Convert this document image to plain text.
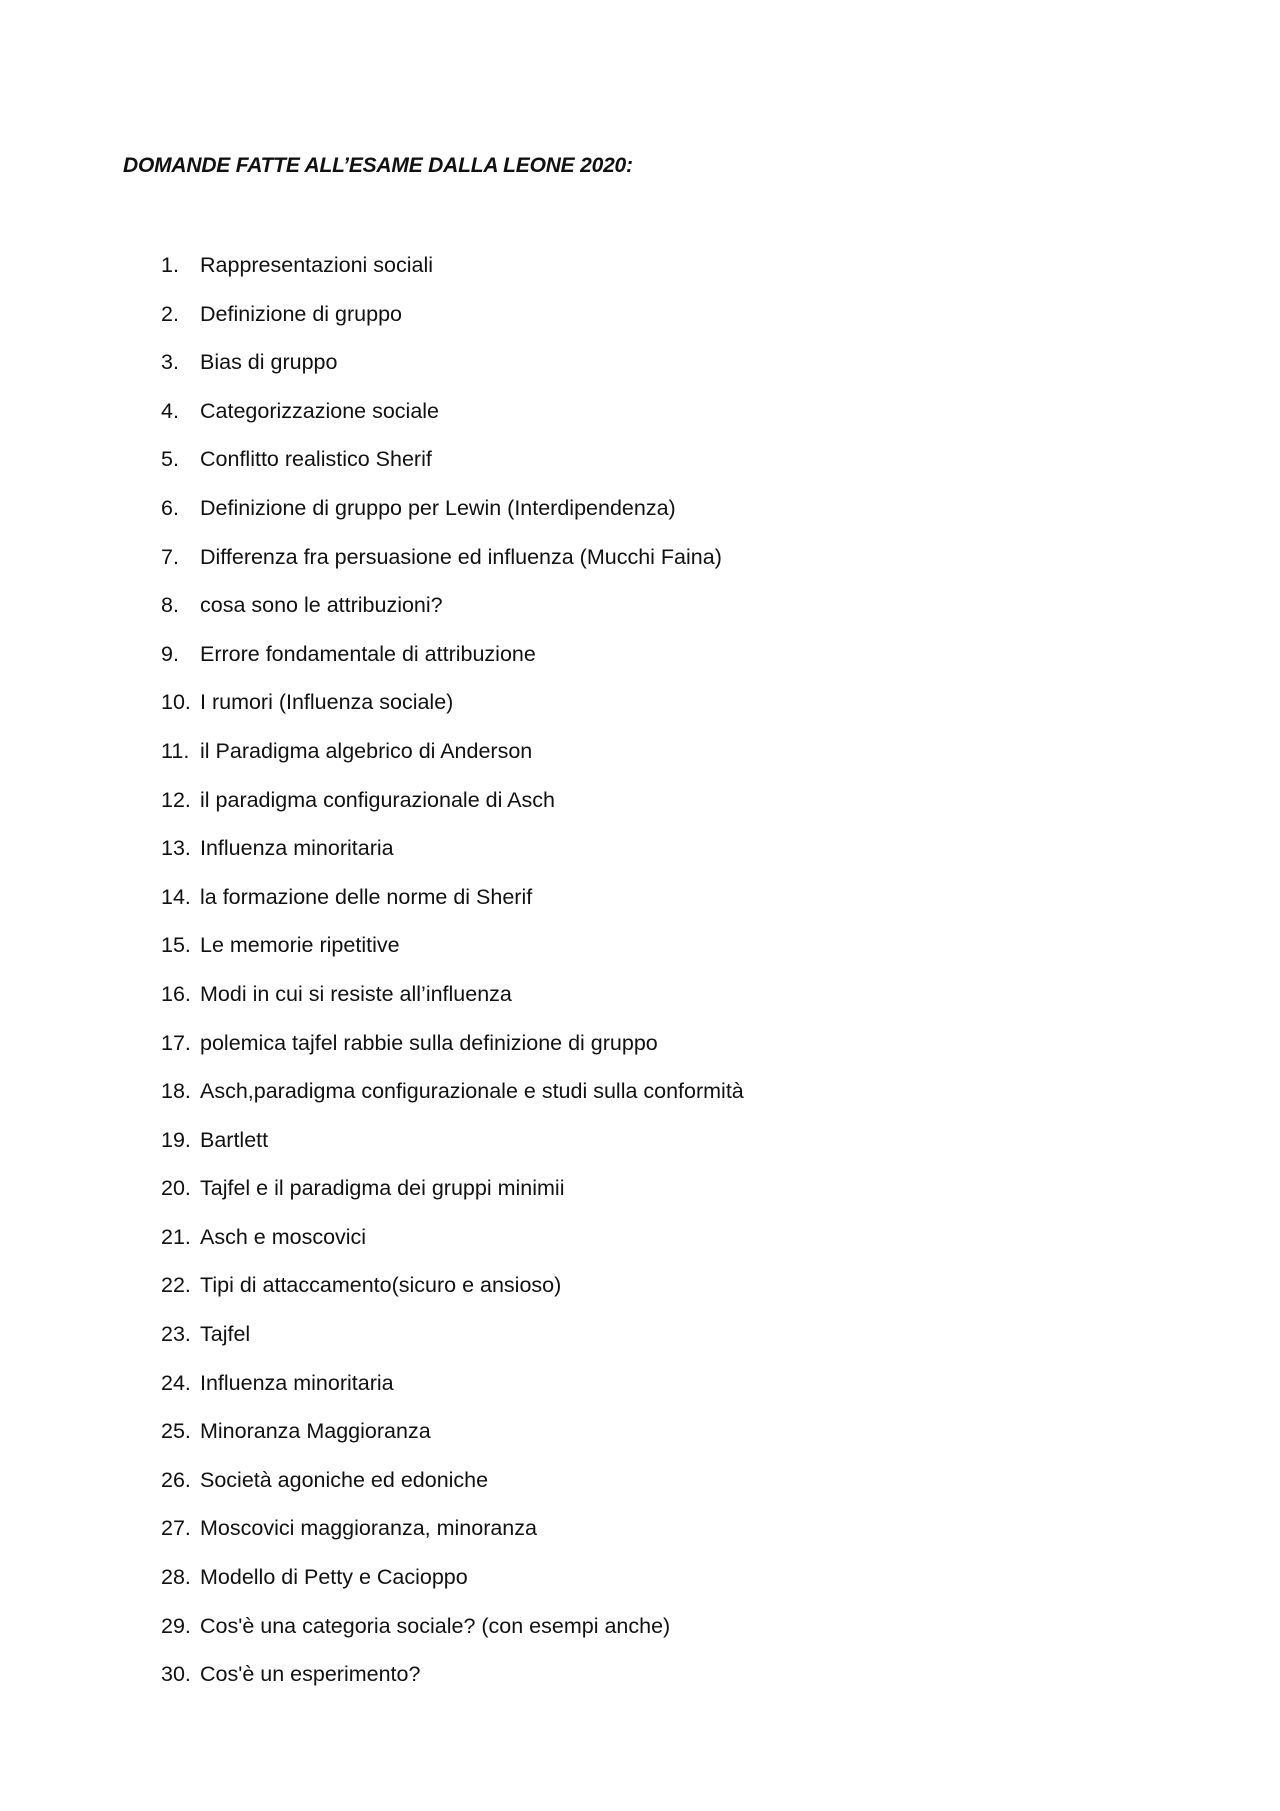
DOMANDE FATTE ALL’ESAME DALLA LEONE 2020:
1. Rappresentazioni sociali
2. Definizione di gruppo
3. Bias di gruppo
4. Categorizzazione sociale
5. Conflitto realistico Sherif
6. Definizione di gruppo per Lewin (Interdipendenza)
7. Differenza fra persuasione ed influenza (Mucchi Faina)
8. cosa sono le attribuzioni?
9. Errore fondamentale di attribuzione
10. I rumori (Influenza sociale)
11. il Paradigma algebrico di Anderson
12. il paradigma configurazionale di Asch
13. Influenza minoritaria
14. la formazione delle norme di Sherif
15. Le memorie ripetitive
16. Modi in cui si resiste all’influenza
17. polemica tajfel rabbie sulla definizione di gruppo
18. Asch,paradigma configurazionale e studi sulla conformità
19. Bartlett
20. Tajfel e il paradigma dei gruppi minimii
21. Asch e moscovici
22. Tipi di attaccamento(sicuro e ansioso)
23. Tajfel
24. Influenza minoritaria
25. Minoranza Maggioranza
26. Società agoniche ed edoniche
27. Moscovici maggioranza, minoranza
28. Modello di Petty e Cacioppo
29. Cos'è una categoria sociale? (con esempi anche)
30. Cos'è un esperimento?
